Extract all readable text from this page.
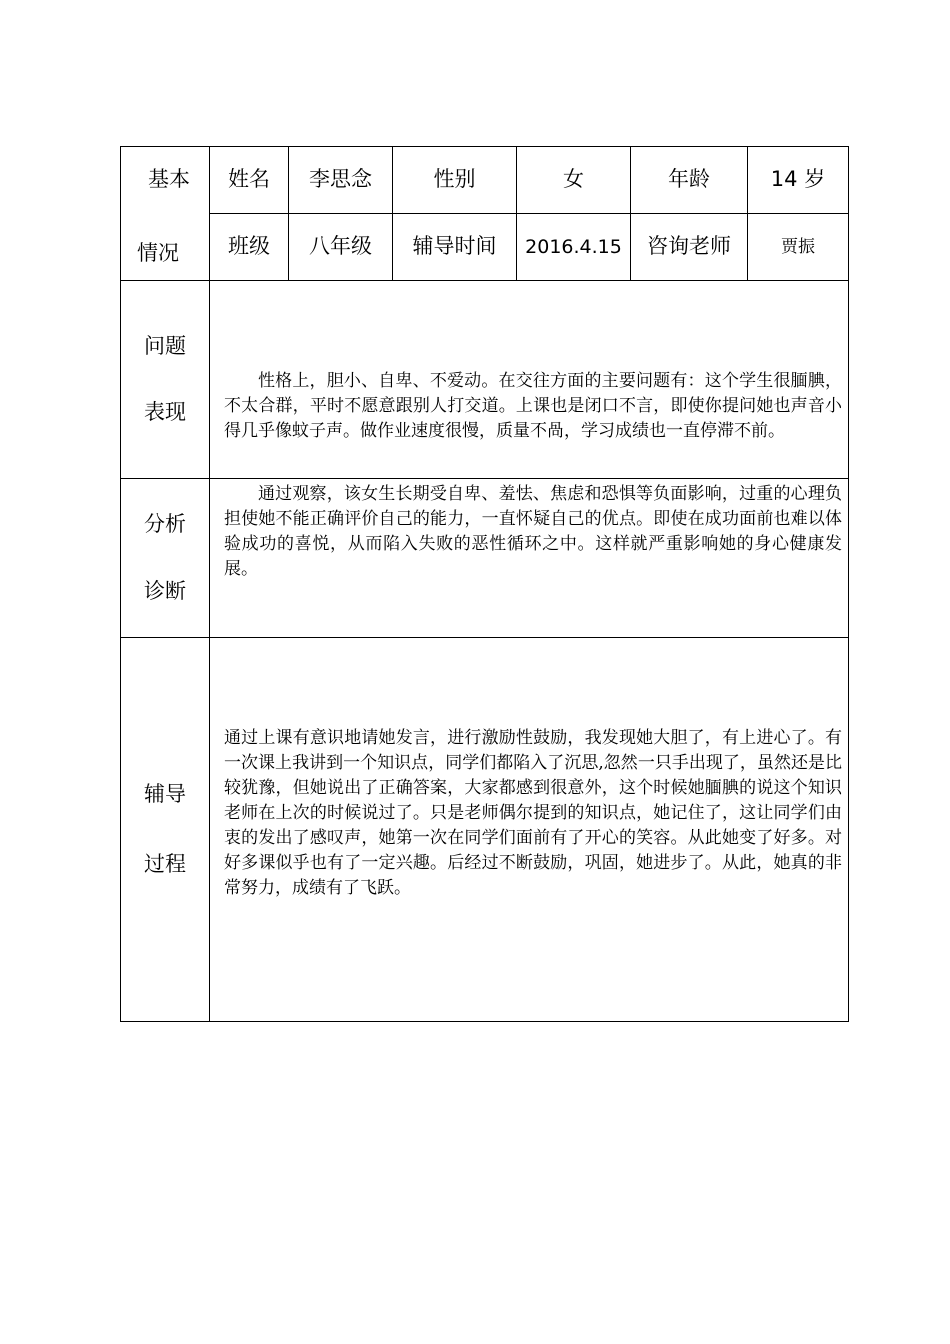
基本
情况	姓名	李思念	性别	女	年龄	14 岁
	班级	八年级	辅导时间	2016.4.15	咨询老师	贾振

问题
表现	性格上，胆小、自卑、不爱动。在交往方面的主要问题有：这个学生很腼腆，不太合群，平时不愿意跟别人打交道。上课也是闭口不言，即使你提问她也声音小得几乎像蚊子声。做作业速度很慢，质量不咼，学习成绩也一直停滞不前。					

分析
诊断	通过观察，该女生长期受自卑、羞怯、焦虑和恐惧等负面影响，过重的心理负担使她不能正确评价自己的能力，一直怀疑自己的优点。即使在成功面前也难以体验成功的喜悦，从而陷入失败的恶性循环之中。这样就严重影响她的身心健康发展。					

辅导
过程	通过上课有意识地请她发言，进行激励性鼓励，我发现她大胆了，有上进心了。有一次课上我讲到一个知识点，同学们都陷入了沉思,忽然一只手出现了，虽然还是比较犹豫，但她说出了正确答案，大家都感到很意外，这个时候她腼腆的说这个知识老师在上次的时候说过了。只是老师偶尔提到的知识点，她记住了，这让同学们由衷的发出了感叹声，她第一次在同学们面前有了开心的笑容。从此她变了好多。对好多课似乎也有了一定兴趣。后经过不断鼓励，巩固，她进步了。从此，她真的非常努力，成绩有了飞跃。					
